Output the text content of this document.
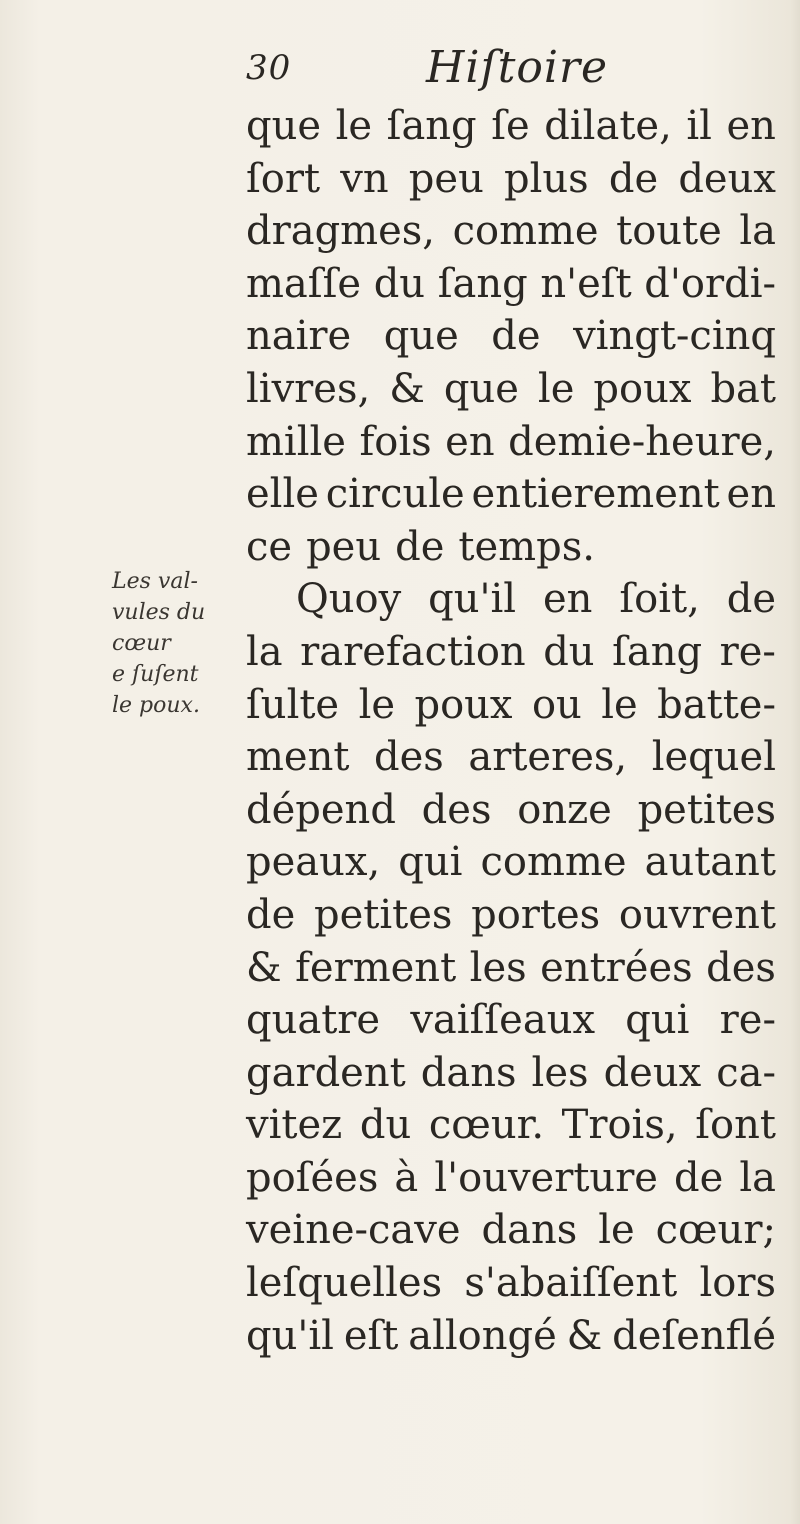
30	Hiſtoire
Les val-
vules du
cœur
e ſuſent
le poux.
que le ſang ſe dilate, il en
ſort vn peu plus de deux
dragmes, comme toute la
maſſe du ſang n'eſt d'ordi-
naire que de vingt-cinq
livres, & que le poux bat
mille fois en demie-heure,
elle circule entierement en
ce peu de temps.
Quoy qu'il en ſoit, de
la rarefaction du ſang re-
ſulte le poux ou le batte-
ment des arteres, lequel
dépend des onze petites
peaux, qui comme autant
de petites portes ouvrent
& ferment les entrées des
quatre vaiſſeaux qui re-
gardent dans les deux ca-
vitez du cœur. Trois, ſont
poſées à l'ouverture de la
veine-cave dans le cœur;
leſquelles s'abaiſſent lors
qu'il eſt allongé & deſenflé
